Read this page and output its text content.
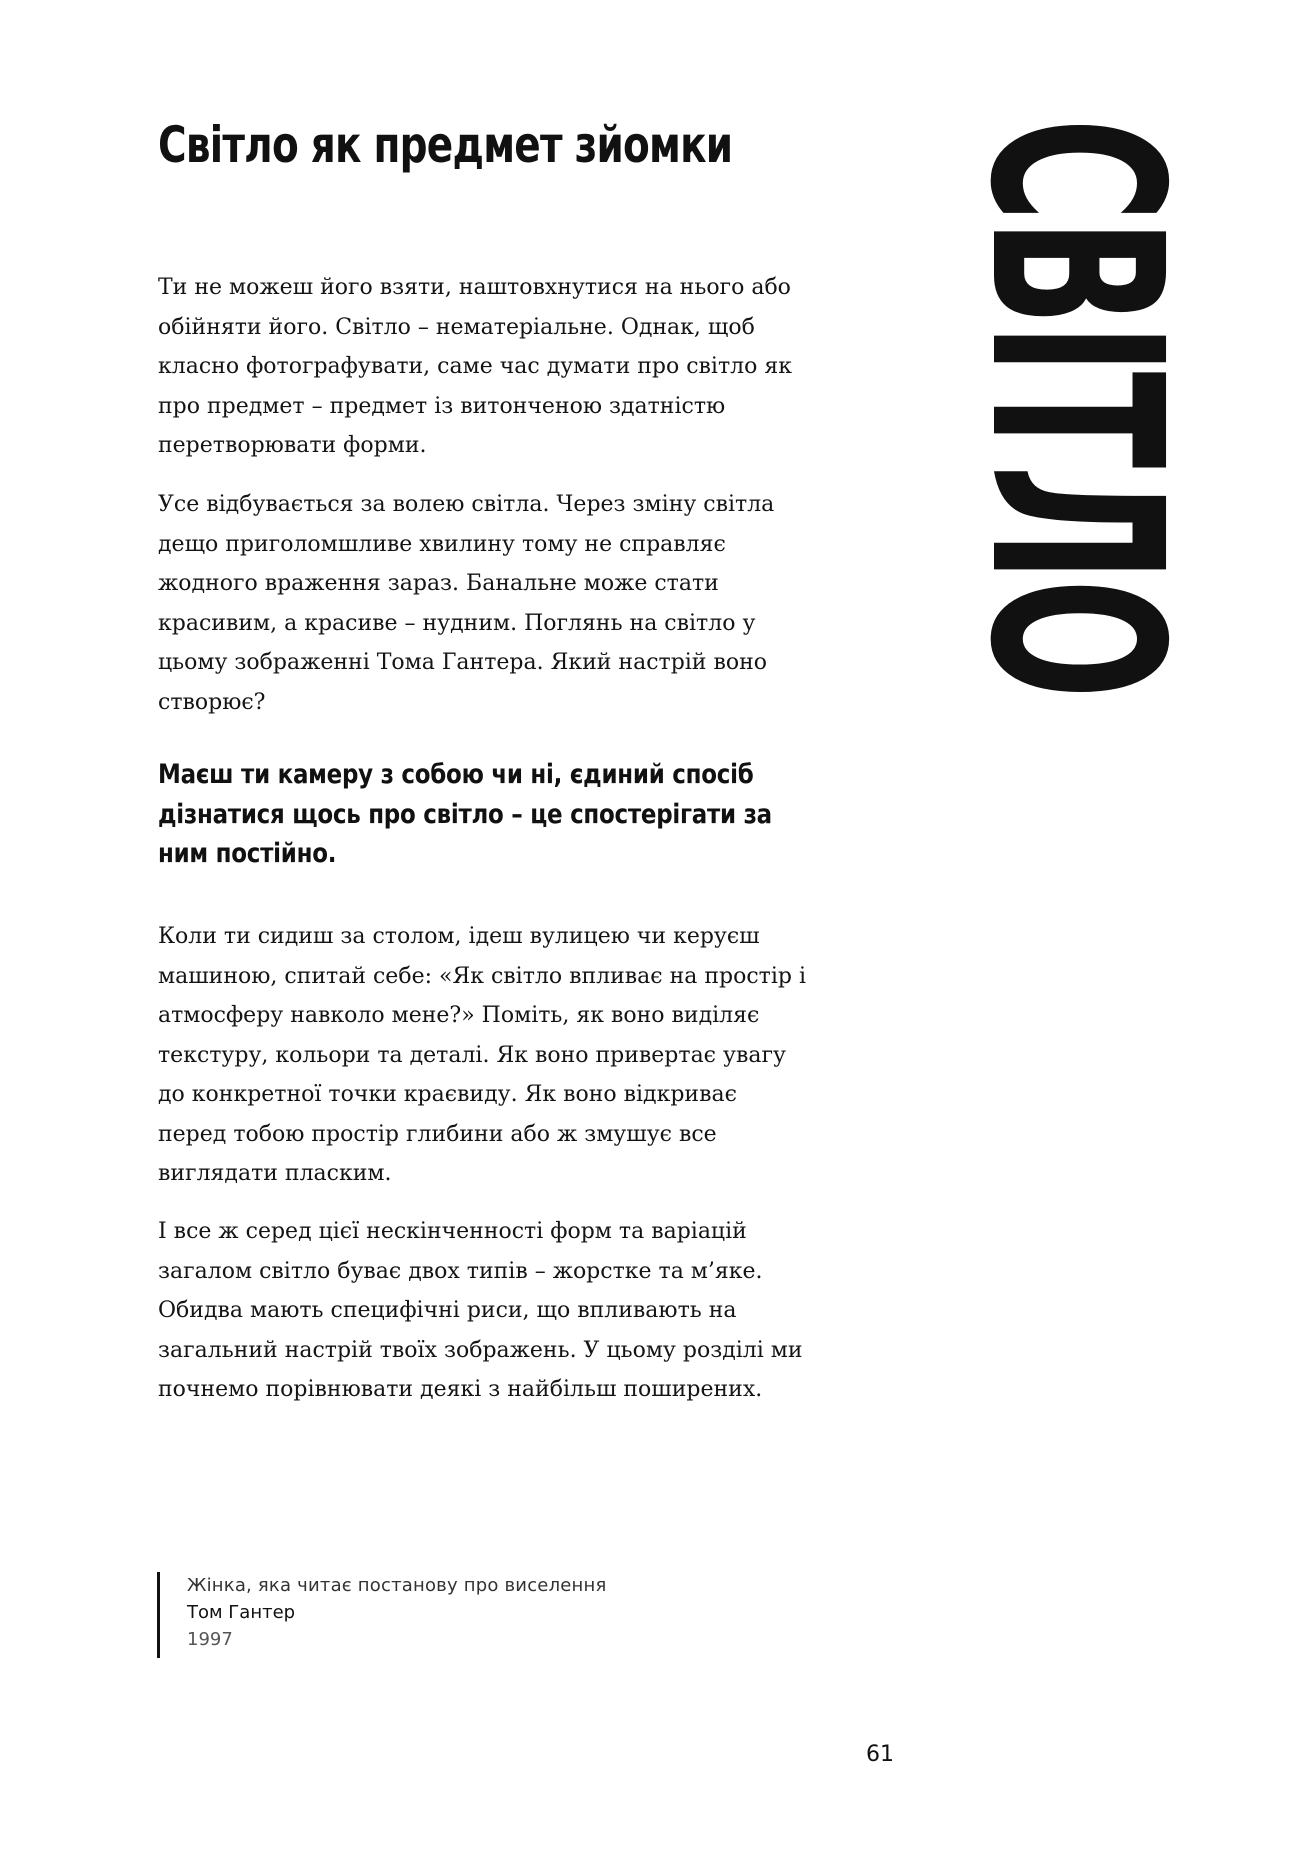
Світло як предмет зйомки СВІТЛО

Ти не можеш його взяти, наштовхнутися на нього або обійняти його. Світло – нематеріальне. Однак, щоб класно фотографувати, саме час думати про світло як про предмет – предмет із витонченою здатністю перетворювати форми.

Усе відбувається за волею світла. Через зміну світла дещо приголомшливе хвилину тому не справляє жодного враження зараз. Банальне може стати красивим, а красиве – нудним. Поглянь на світло у цьому зображенні Тома Гантера. Який настрій воно створює?

Маєш ти камеру з собою чи ні, єдиний спосіб дізнатися щось про світло – це спостерігати за ним постійно.

Коли ти сидиш за столом, ідеш вулицею чи керуєш машиною, спитай себе: «Як світло впливає на простір і атмосферу навколо мене?» Поміть, як воно виділяє текстуру, кольори та деталі. Як воно привертає увагу до конкретної точки краєвиду. Як воно відкриває перед тобою простір глибини або ж змушує все виглядати пласким.

І все ж серед цієї нескінченності форм та варіацій загалом світло буває двох типів – жорстке та м’яке. Обидва мають специфічні риси, що впливають на загальний настрій твоїх зображень. У цьому розділі ми почнемо порівнювати деякі з найбільш поширених.

Жінка, яка читає постанову про виселення
Том Гантер
1997
61
